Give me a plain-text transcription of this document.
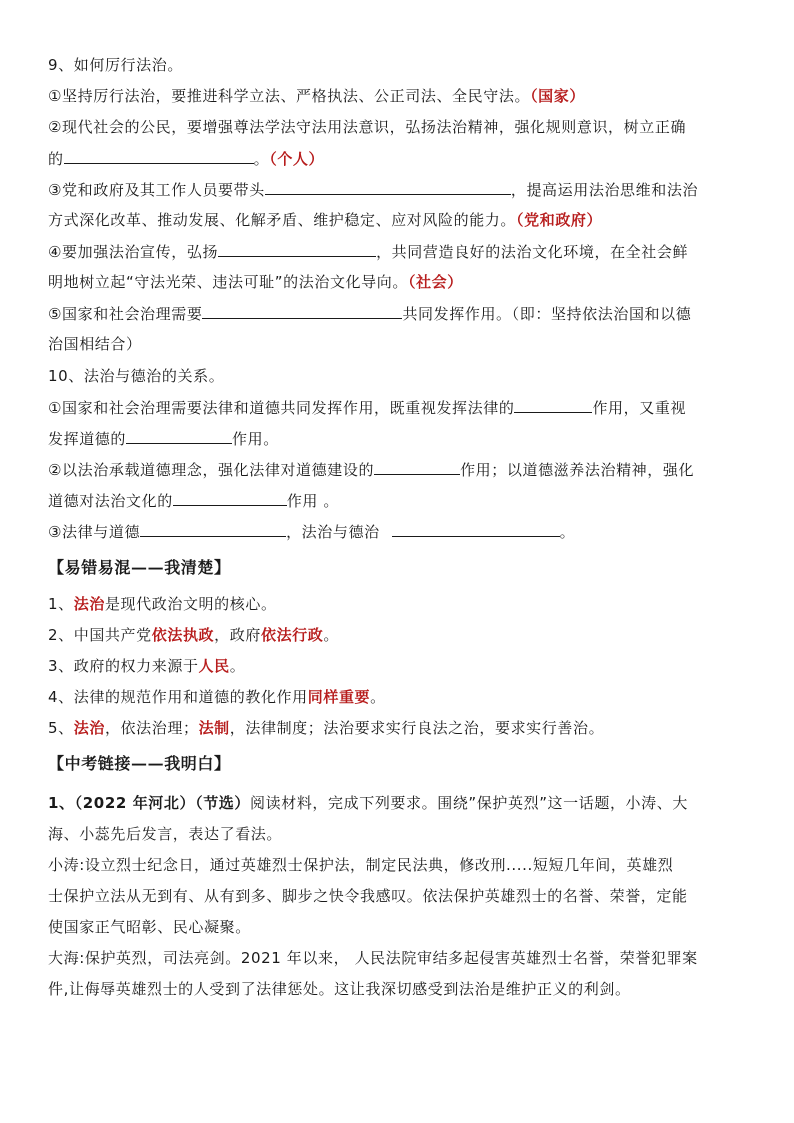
9、如何厉行法治。
①坚持厉行法治，要推进科学立法、严格执法、公正司法、全民守法。（国家）
②现代社会的公民，要增强尊法学法守法用法意识，弘扬法治精神，强化规则意识，树立正确
的	。（个人）
③党和政府及其工作人员要带头	，提高运用法治思维和法治
方式深化改革、推动发展、化解矛盾、维护稳定、应对风险的能力。（党和政府）
④要加强法治宣传，弘扬	，共同营造良好的法治文化环境，在全社会鲜
明地树立起“守法光荣、违法可耻”的法治文化导向。（社会）
⑤国家和社会治理需要	共同发挥作用。（即：坚持依法治国和以德
治国相结合）
10、法治与德治的关系。
①国家和社会治理需要法律和道德共同发挥作用，既重视发挥法律的	作用，又重视
发挥道德的	作用。
②以法治承载道德理念，强化法律对道德建设的	作用；以道德滋养法治精神，强化
道德对法治文化的	作用 。
③法律与道德	，法治与德治	。
【易错易混——我清楚】
1、法治是现代政治文明的核心。
2、中国共产党依法执政，政府依法行政。
3、政府的权力来源于人民。
4、法律的规范作用和道德的教化作用同样重要。
5、法治，依法治理；法制，法律制度；法治要求实行良法之治，要求实行善治。
【中考链接——我明白】
1、（2022 年河北）（节选）阅读材料，完成下列要求。围绕”保护英烈”这一话题，小涛、大
海、小蕊先后发言，表达了看法。
小涛:设立烈士纪念日，通过英雄烈士保护法，制定民法典，修改刑.....短短几年间，英雄烈
士保护立法从无到有、从有到多、脚步之快令我感叹。依法保护英雄烈士的名誉、荣誉，定能
使国家正气昭彰、民心凝聚。
大海:保护英烈，司法亮剑。2021 年以来， 人民法院审结多起侵害英雄烈士名誉，荣誉犯罪案
件,让侮辱英雄烈士的人受到了法律惩处。这让我深切感受到法治是维护正义的利剑。
